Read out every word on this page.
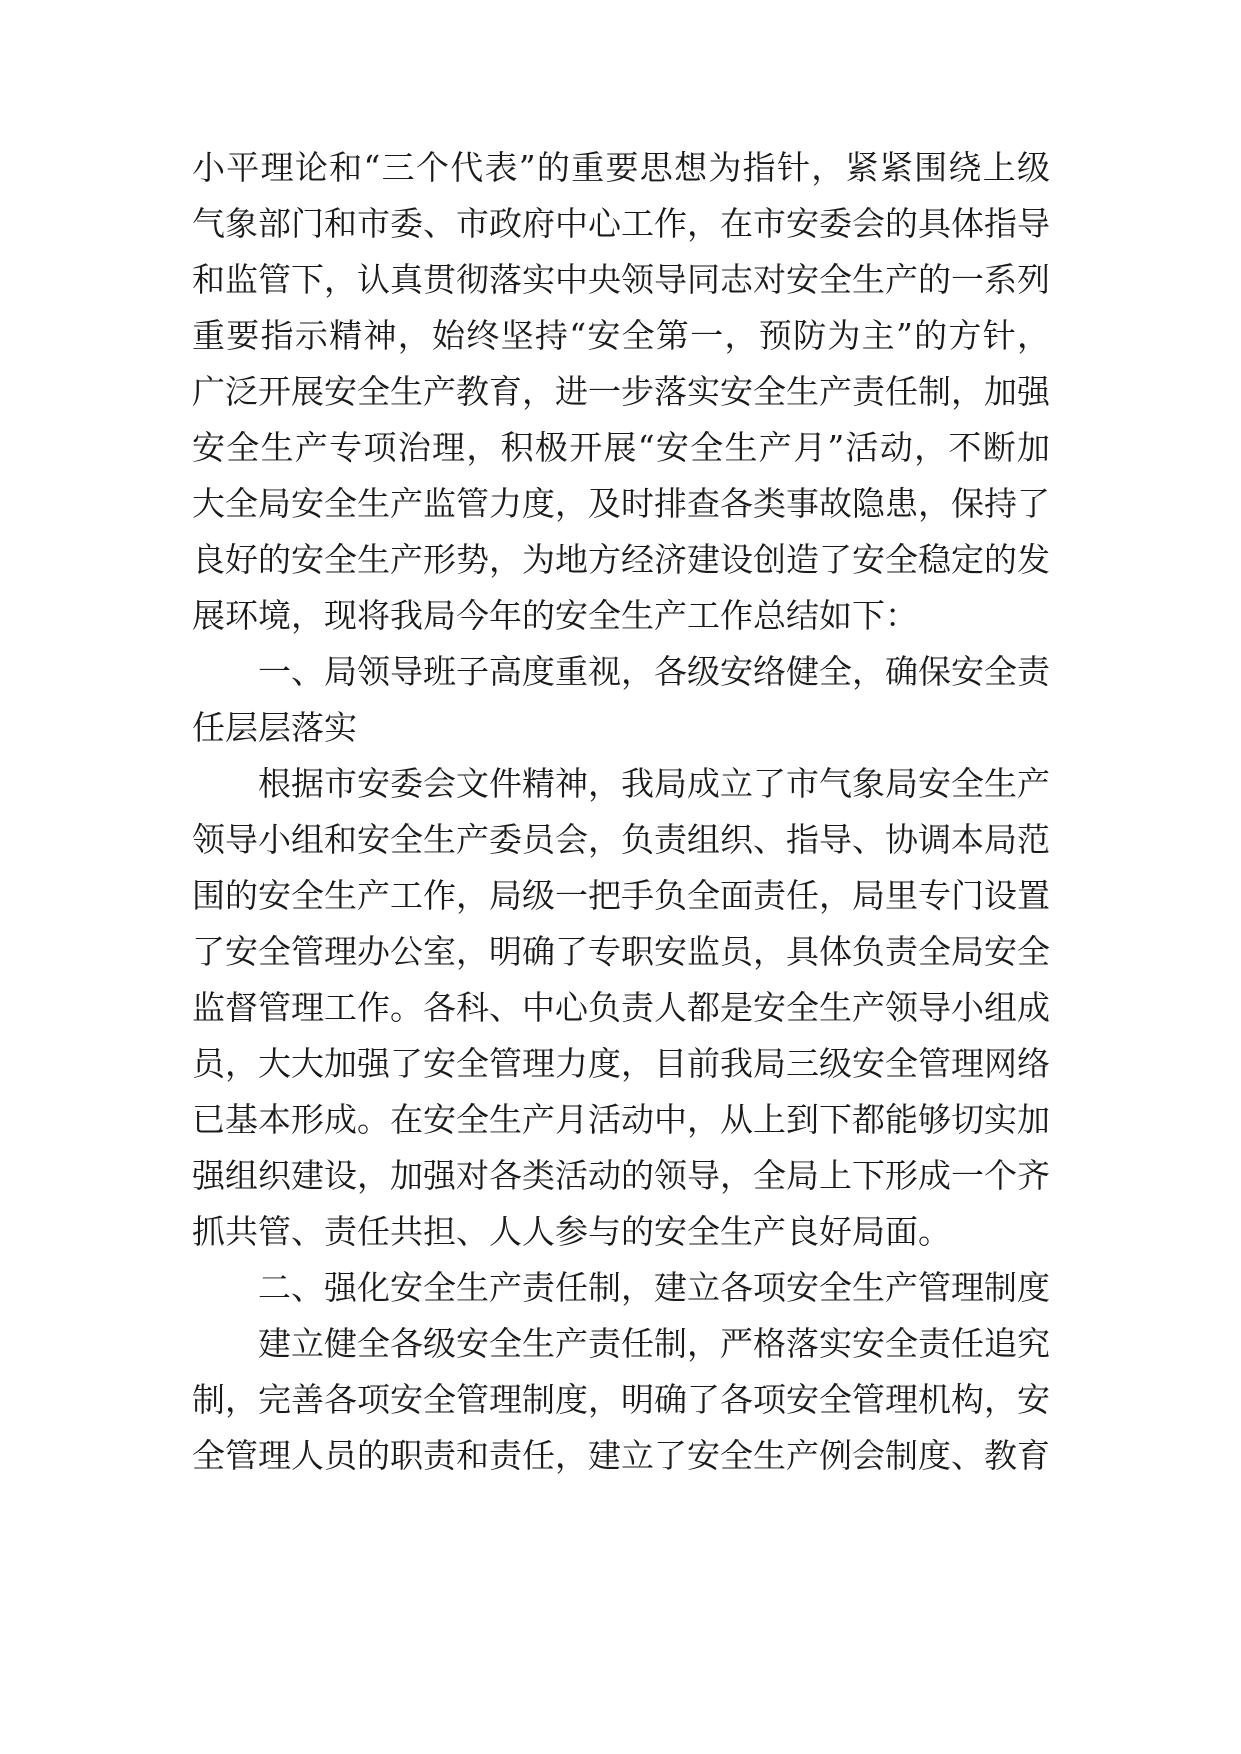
小平理论和“三个代表”的重要思想为指针，紧紧围绕上级
气象部门和市委、市政府中心工作，在市安委会的具体指导
和监管下，认真贯彻落实中央领导同志对安全生产的一系列
重要指示精神，始终坚持“安全第一，预防为主”的方针，
广泛开展安全生产教育，进一步落实安全生产责任制，加强
安全生产专项治理，积极开展“安全生产月”活动，不断加
大全局安全生产监管力度，及时排查各类事故隐患，保持了
良好的安全生产形势，为地方经济建设创造了安全稳定的发
展环境，现将我局今年的安全生产工作总结如下：
一、局领导班子高度重视，各级安络健全，确保安全责
任层层落实
根据市安委会文件精神，我局成立了市气象局安全生产
领导小组和安全生产委员会，负责组织、指导、协调本局范
围的安全生产工作，局级一把手负全面责任，局里专门设置
了安全管理办公室，明确了专职安监员，具体负责全局安全
监督管理工作。各科、中心负责人都是安全生产领导小组成
员，大大加强了安全管理力度，目前我局三级安全管理网络
已基本形成。在安全生产月活动中，从上到下都能够切实加
强组织建设，加强对各类活动的领导，全局上下形成一个齐
抓共管、责任共担、人人参与的安全生产良好局面。
二、强化安全生产责任制，建立各项安全生产管理制度
建立健全各级安全生产责任制，严格落实安全责任追究
制，完善各项安全管理制度，明确了各项安全管理机构，安
全管理人员的职责和责任，建立了安全生产例会制度、教育
